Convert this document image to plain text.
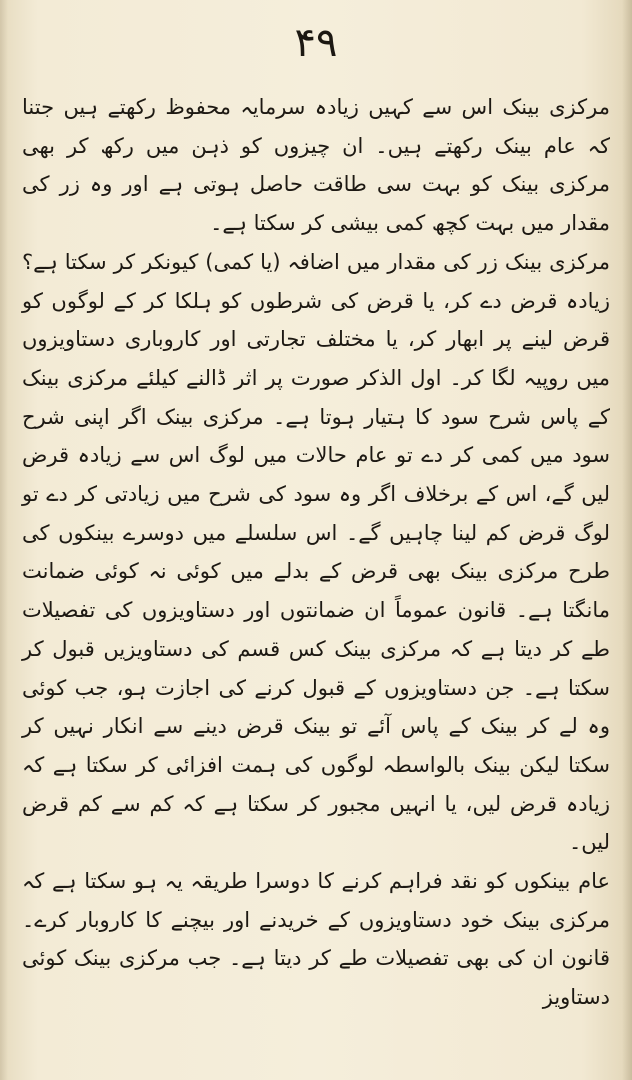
۴۹

مرکزی بینک اس سے کہیں زیادہ سرمایہ محفوظ رکھتے ہیں جتنا کہ عام بینک رکھتے ہیں۔ ان چیزوں کو ذہن میں رکھ کر بھی مرکزی بینک کو بہت سی طاقت حاصل ہوتی ہے اور وہ زر کی مقدار میں بہت کچھ کمی بیشی کر سکتا ہے۔

مرکزی بینک زر کی مقدار میں اضافہ (یا کمی) کیونکر کر سکتا ہے؟ زیادہ قرض دے کر، یا قرض کی شرطوں کو ہلکا کر کے لوگوں کو قرض لینے پر ابھار کر، یا مختلف تجارتی اور کاروباری دستاویزوں میں روپیہ لگا کر۔ اول الذکر صورت پر اثر ڈالنے کیلئے مرکزی بینک کے پاس شرح سود کا ہتیار ہوتا ہے۔ مرکزی بینک اگر اپنی شرح سود میں کمی کر دے تو عام حالات میں لوگ اس سے زیادہ قرض لیں گے، اس کے برخلاف اگر وہ سود کی شرح میں زیادتی کر دے تو لوگ قرض کم لینا چاہیں گے۔ اس سلسلے میں دوسرے بینکوں کی طرح مرکزی بینک بھی قرض کے بدلے میں کوئی نہ کوئی ضمانت مانگتا ہے۔ قانون عموماً ان ضمانتوں اور دستاویزوں کی تفصیلات طے کر دیتا ہے کہ مرکزی بینک کس قسم کی دستاویزیں قبول کر سکتا ہے۔ جن دستاویزوں کے قبول کرنے کی اجازت ہو، جب کوئی وہ لے کر بینک کے پاس آئے تو بینک قرض دینے سے انکار نہیں کر سکتا لیکن بینک بالواسطہ لوگوں کی ہمت افزائی کر سکتا ہے کہ زیادہ قرض لیں، یا انہیں مجبور کر سکتا ہے کہ کم سے کم قرض لیں۔

عام بینکوں کو نقد فراہم کرنے کا دوسرا طریقہ یہ ہو سکتا ہے کہ مرکزی بینک خود دستاویزوں کے خریدنے اور بیچنے کا کاروبار کرے۔ قانون ان کی بھی تفصیلات طے کر دیتا ہے۔ جب مرکزی بینک کوئی دستاویز
